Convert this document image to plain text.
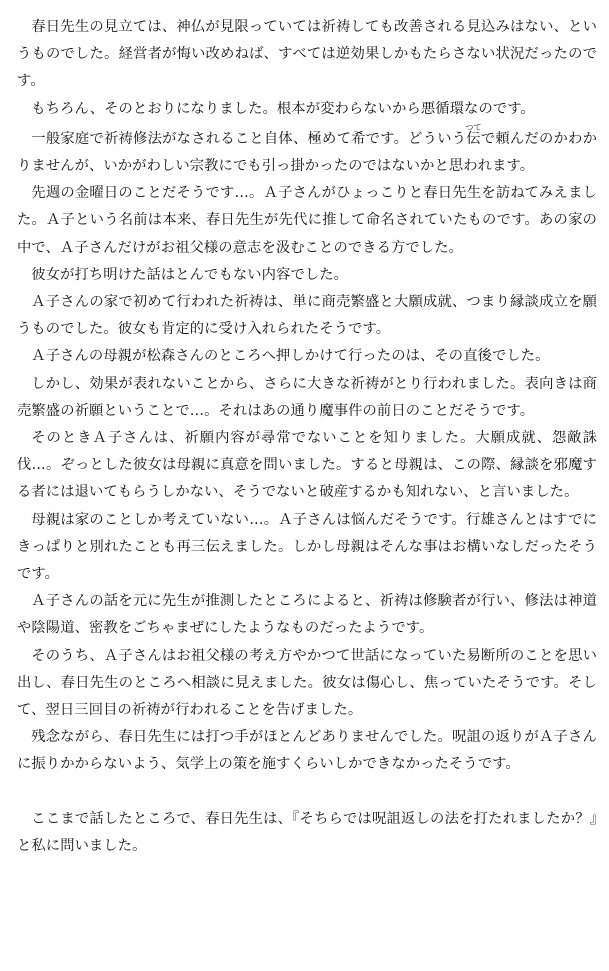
春日先生の見立ては、神仏が見限っていては祈祷しても改善される見込みはない、というものでした。経営者が悔い改めねば、すべては逆効果しかもたらさない状況だったのです。

もちろん、そのとおりになりました。根本が変わらないから悪循環なのです。

一般家庭で祈祷修法がなされること自体、極めて希です。どういう伝つてで頼んだのかわかりませんが、いかがわしい宗教にでも引っ掛かったのではないかと思われます。

先週の金曜日のことだそうです…。Ａ子さんがひょっこりと春日先生を訪ねてみえました。Ａ子という名前は本来、春日先生が先代に推して命名されていたものです。あの家の中で、Ａ子さんだけがお祖父様の意志を汲むことのできる方でした。

彼女が打ち明けた話はとんでもない内容でした。

Ａ子さんの家で初めて行われた祈祷は、単に商売繁盛と大願成就、つまり縁談成立を願うものでした。彼女も肯定的に受け入れられたそうです。

Ａ子さんの母親が松森さんのところへ押しかけて行ったのは、その直後でした。

しかし、効果が表れないことから、さらに大きな祈祷がとり行われました。表向きは商売繁盛の祈願ということで…。それはあの通り魔事件の前日のことだそうです。

そのときＡ子さんは、祈願内容が尋常でないことを知りました。大願成就、怨敵誅伐…。ぞっとした彼女は母親に真意を問いました。すると母親は、この際、縁談を邪魔する者には退いてもらうしかない、そうでないと破産するかも知れない、と言いました。

母親は家のことしか考えていない…。Ａ子さんは悩んだそうです。行雄さんとはすでにきっぱりと別れたことも再三伝えました。しかし母親はそんな事はお構いなしだったそうです。

Ａ子さんの話を元に先生が推測したところによると、祈祷は修験者が行い、修法は神道や陰陽道、密教をごちゃまぜにしたようなものだったようです。

そのうち、Ａ子さんはお祖父様の考え方やかつて世話になっていた易断所のことを思い出し、春日先生のところへ相談に見えました。彼女は傷心し、焦っていたそうです。そして、翌日三回目の祈祷が行われることを告げました。

残念ながら、春日先生には打つ手がほとんどありませんでした。呪詛の返りがＡ子さんに振りかからないよう、気学上の策を施すくらいしかできなかったそうです。

ここまで話したところで、春日先生は、『そちらでは呪詛返しの法を打たれましたか？』と私に問いました。
